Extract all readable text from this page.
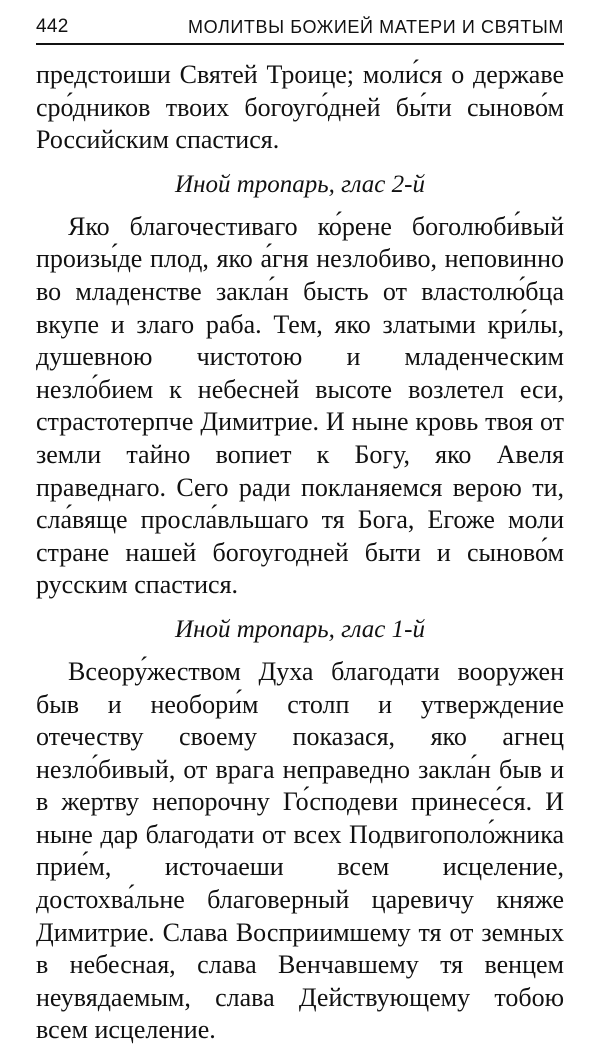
442	МОЛИТВЫ БОЖИЕЙ МАТЕРИ И СВЯТЫМ

предстоиши Святей Троице; моли́ся о державе сро́дников твоих богоуго́дней бы́ти сыново́м Российским спастися.

Иной тропарь, глас 2-й

Яко благочестиваго ко́рене боголюби́вый произы́де плод, яко а́гня незлобиво, неповинно во младенстве закла́н бысть от властолю́бца вкупе и злаго раба. Тем, яко златыми кри́лы, душевною чистотою и младенческим незло́бием к небесней высоте возлетел еси, страстотерпче Димитрие. И ныне кровь твоя от земли тайно вопиет к Богу, яко Авеля праведнаго. Сего ради покланяемся верою ти, сла́вяще просла́вльшаго тя Бога, Егоже моли стране нашей богоугодней быти и сыново́м русским спастися.

Иной тропарь, глас 1-й

Всеору́жеством Духа благодати вооружен быв и необори́м столп и утверждение отечеству своему показася, яко агнец незло́бивый, от врага неправедно закла́н быв и в жертву непорочну Го́сподеви принесе́ся. И ныне дар благодати от всех Подвигополо́жника прие́м, источаеши всем исцеление, достохва́льне благоверный царевичу княже Димитрие. Слава Восприимшему тя от земных в небесная, слава Венчавшему тя венцем неувядаемым, слава Действующему тобою всем исцеление.
